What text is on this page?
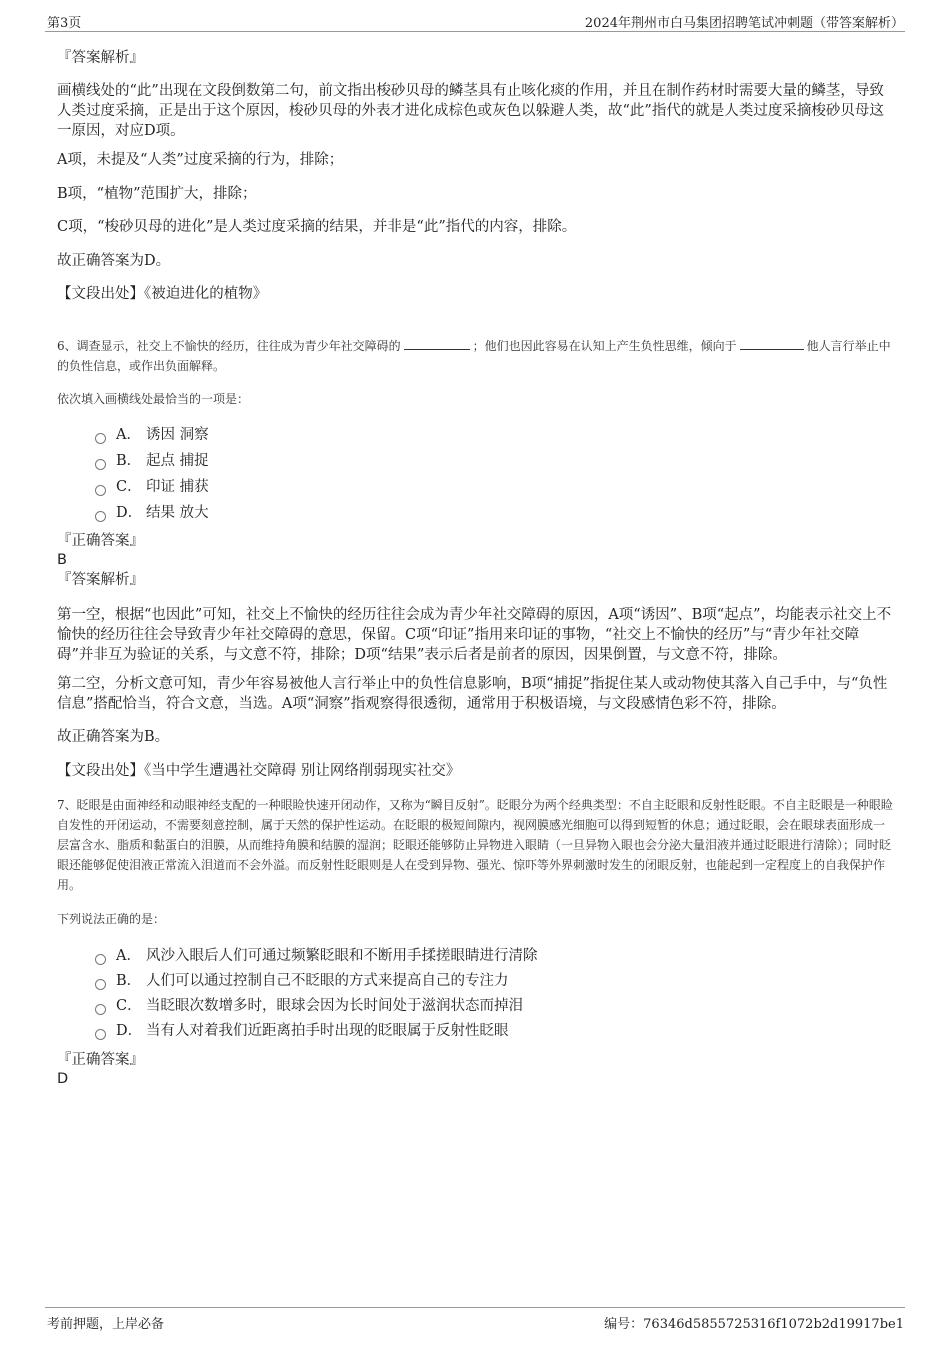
第3页	2024年荆州市白马集团招聘笔试冲刺题（带答案解析）
『答案解析』

画横线处的“此”出现在文段倒数第二句，前文指出梭砂贝母的鳞茎具有止咳化痰的作用，并且在制作药材时需要大量的鳞茎，导致人类过度采摘，正是出于这个原因，梭砂贝母的外表才进化成棕色或灰色以躲避人类，故“此”指代的就是人类过度采摘梭砂贝母这一原因，对应D项。

A项，未提及“人类”过度采摘的行为，排除；

B项，“植物”范围扩大，排除；

C项，“梭砂贝母的进化”是人类过度采摘的结果，并非是“此”指代的内容，排除。

故正确答案为D。

【文段出处】《被迫进化的植物》

6、调查显示，社交上不愉快的经历，往往成为青少年社交障碍的	；他们也因此容易在认知上产生负性思维，倾向于	他人言行举止中的负性信息，或作出负面解释。

依次填入画横线处最恰当的一项是：

A． 诱因 洞察
B． 起点 捕捉
C． 印证 捕获
D． 结果 放大
『正确答案』
B
『答案解析』

第一空，根据“也因此”可知，社交上不愉快的经历往往会成为青少年社交障碍的原因，A项“诱因”、B项“起点”，均能表示社交上不愉快的经历往往会导致青少年社交障碍的意思，保留。C项“印证”指用来印证的事物，“社交上不愉快的经历”与“青少年社交障碍”并非互为验证的关系，与文意不符，排除；D项“结果”表示后者是前者的原因，因果倒置，与文意不符，排除。

第二空，分析文意可知，青少年容易被他人言行举止中的负性信息影响，B项“捕捉”指捉住某人或动物使其落入自己手中，与“负性信息”搭配恰当，符合文意，当选。A项“洞察”指观察得很透彻，通常用于积极语境，与文段感情色彩不符，排除。

故正确答案为B。

【文段出处】《当中学生遭遇社交障碍 别让网络削弱现实社交》

7、眨眼是由面神经和动眼神经支配的一种眼睑快速开闭动作，又称为“瞬目反射”。眨眼分为两个经典类型：不自主眨眼和反射性眨眼。不自主眨眼是一种眼睑自发性的开闭运动，不需要刻意控制，属于天然的保护性运动。在眨眼的极短间隙内，视网膜感光细胞可以得到短暂的休息；通过眨眼，会在眼球表面形成一层富含水、脂质和黏蛋白的泪膜，从而维持角膜和结膜的湿润；眨眼还能够防止异物进入眼睛（一旦异物入眼也会分泌大量泪液并通过眨眼进行清除）；同时眨眼还能够促使泪液正常流入泪道而不会外溢。而反射性眨眼则是人在受到异物、强光、惊吓等外界刺激时发生的闭眼反射，也能起到一定程度上的自我保护作用。

下列说法正确的是：

A． 风沙入眼后人们可通过频繁眨眼和不断用手揉搓眼睛进行清除
B． 人们可以通过控制自己不眨眼的方式来提高自己的专注力
C． 当眨眼次数增多时，眼球会因为长时间处于滋润状态而掉泪
D． 当有人对着我们近距离拍手时出现的眨眼属于反射性眨眼
『正确答案』
D
考前押题，上岸必备	编号：76346d5855725316f1072b2d19917be1
